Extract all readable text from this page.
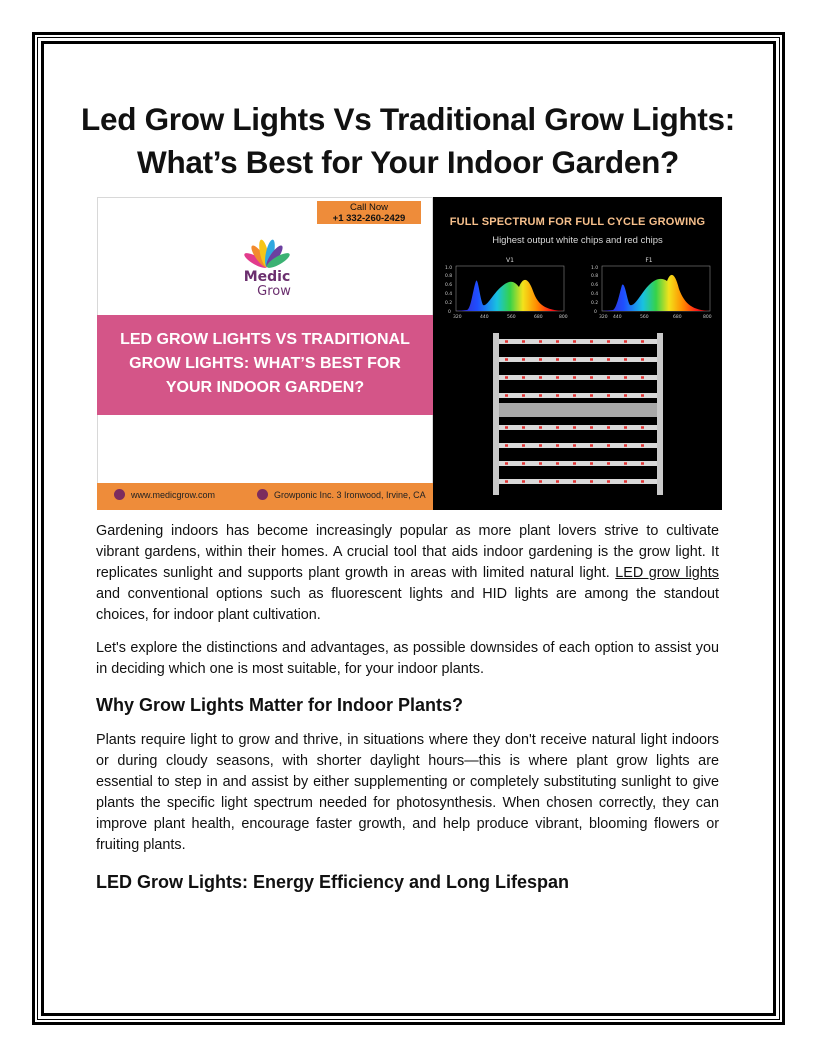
Led Grow Lights Vs Traditional Grow Lights:
What’s Best for Your Indoor Garden?
Call Now
+1 332-260-2429
Medic
Grow
LED GROW LIGHTS VS TRADITIONAL
GROW LIGHTS: WHAT’S BEST FOR
YOUR INDOOR GARDEN?
www.medicgrow.com	Growponic Inc. 3 Ironwood, Irvine, CA
FULL SPECTRUM FOR FULL CYCLE GROWING
Highest output white chips and red chips
V1
1.0
0.8
0.6
0.4
0.2
0
320	440	560	680	800
F1
1.0
0.8
0.6
0.4
0.2
0
320 440	560	680	800

Gardening indoors has become increasingly popular as more plant lovers strive to cultivate vibrant gardens, within their homes. A crucial tool that aids indoor gardening is the grow light. It replicates sunlight and supports plant growth in areas with limited natural light. LED grow lights and conventional options such as fluorescent lights and HID lights are among the standout choices, for indoor plant cultivation.

Let's explore the distinctions and advantages, as possible downsides of each option to assist you in deciding which one is most suitable, for your indoor plants.

Why Grow Lights Matter for Indoor Plants?

Plants require light to grow and thrive, in situations where they don't receive natural light indoors or during cloudy seasons, with shorter daylight hours—this is where plant grow lights are essential to step in and assist by either supplementing or completely substituting sunlight to give plants the specific light spectrum needed for photosynthesis. When chosen correctly, they can improve plant health, encourage faster growth, and help produce vibrant, blooming flowers or fruiting plants.

LED Grow Lights: Energy Efficiency and Long Lifespan
